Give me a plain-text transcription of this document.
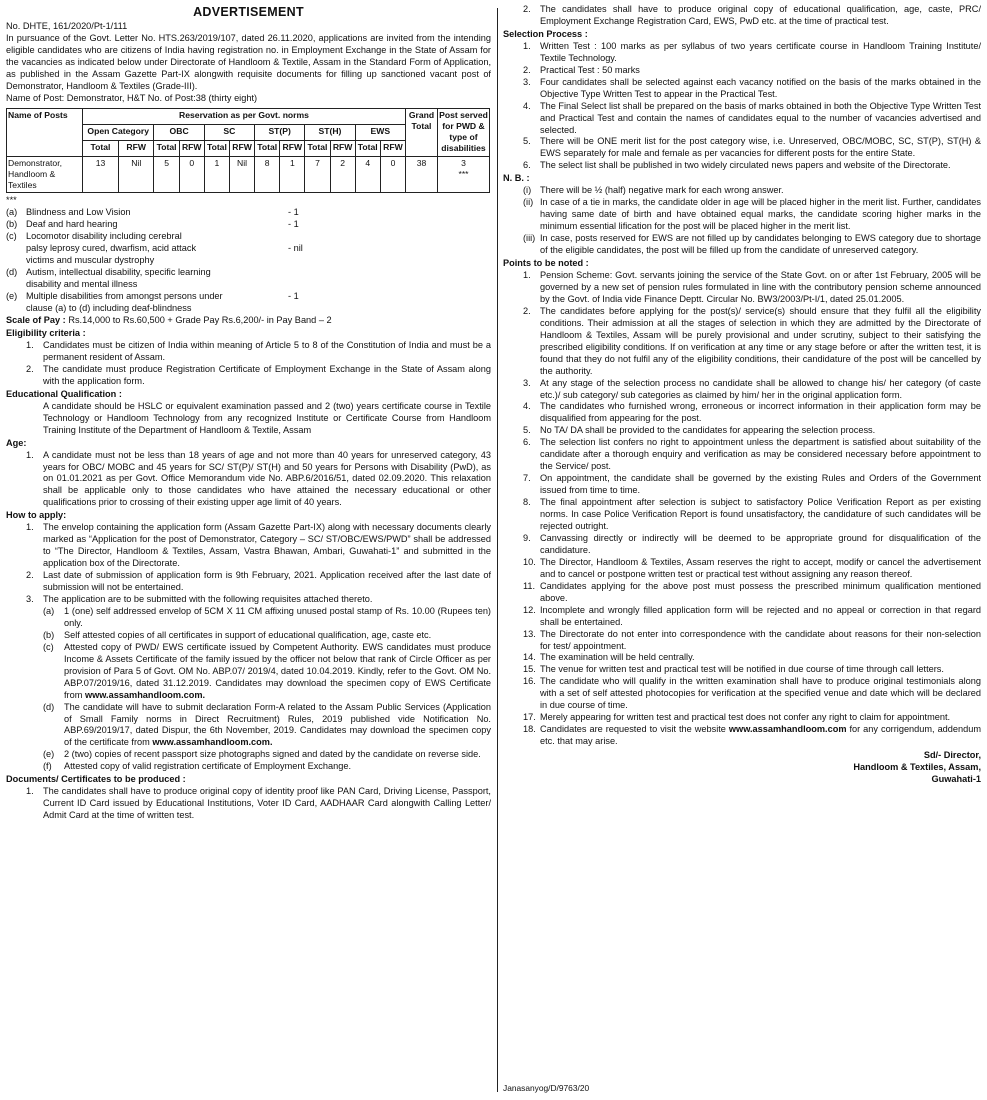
ADVERTISEMENT
No. DHTE, 161/2020/Pt-1/111

In pursuance of the Govt. Letter No. HTS.263/2019/107, dated 26.11.2020, applications are invited from the intending eligible candidates who are citizens of India having registration no. in Employment Exchange in the State of Assam for the vacancies as indicated below under Directorate of Handloom & Textile, Assam in the Standard Form of Application, as published in the Assam Gazette Part-IX alongwith requisite documents for filling up sanctioned vacant post of Demonstrator, Handloom & Textiles (Grade-III).

Name of Post: Demonstrator, H&T No. of Post:38 (thirty eight)
Name of Posts	Reservation as per Govt. norms												Grand Total	Post served for PWD & type of disabilities
	Open Category		OBC		SC		ST(P)		ST(H)		EWS			
	Total	RFW	Total	RFW	Total	RFW	Total	RFW	Total	RFW	Total	RFW		
Demonstrator, Handloom & Textiles	13	Nil	5	0	1	Nil	8	1	7	2	4	0	38	3
***
***
(a) Blindness and Low Vision	- 1
(b) Deaf and hard hearing	- 1
(c) Locomotor disability including cerebral
palsy leprosy cured, dwarfism, acid attack	- nil
victims and muscular dystrophy
(d) Autism, intellectual disability, specific learning
disability and mental illness
(e) Multiple disabilities from amongst persons under	- 1
clause (a) to (d) including deaf-blindness
Scale of Pay : Rs.14,000 to Rs.60,500 + Grade Pay Rs.6,200/- in Pay Band – 2
Eligibility criteria :
1. Candidates must be citizen of India within meaning of Article 5 to 8 of the Constitution of India and must be a permanent resident of Assam.
2. The candidate must produce Registration Certificate of Employment Exchange in the State of Assam along with the application form.
Educational Qualification :

A candidate should be HSLC or equivalent examination passed and 2 (two) years certificate course in Textile Technology or Handloom Technology from any recognized Institute or Certificate Course from Handloom Training Institute of the Department of Handloom & Textile, Assam

Age:
1. A candidate must not be less than 18 years of age and not more than 40 years for unreserved category, 43 years for OBC/ MOBC and 45 years for SC/ ST(P)/ ST(H) and 50 years for Persons with Disability (PwD), as on 01.01.2021 as per Govt. Office Memorandum vide No. ABP.6/2016/51, dated 02.09.2020. This relaxation shall be applicable only to those candidates who have attained the necessary educational or other qualifications prior to crossing of their existing upper age limit of 40 years.
How to apply:
1. The envelop containing the application form (Assam Gazette Part-IX) along with necessary documents clearly marked as “Application for the post of Demonstrator, Category – SC/ ST/OBC/EWS/PWD” shall be addressed to “The Director, Handloom & Textiles, Assam, Vastra Bhawan, Ambari, Guwahati-1” and submitted in the application box of the Directorate.
2. Last date of submission of application form is 9th February, 2021. Application received after the last date of submission will not be entertained.
3. The application are to be submitted with the following requisites attached thereto.
(a) 1 (one) self addressed envelop of 5CM X 11 CM affixing unused postal stamp of Rs. 10.00 (Rupees ten) only.
(b) Self attested copies of all certificates in support of educational qualification, age, caste etc.
(c) Attested copy of PWD/ EWS certificate issued by Competent Authority. EWS candidates must produce Income & Assets Certificate of the family issued by the officer not below that rank of Circle Officer as per provision of Para 5 of Govt. OM No. ABP.07/ 2019/4, dated 10.04.2019. Kindly, refer to the Govt. OM No. ABP.07/2019/16, dated 31.12.2019. Candidates may download the specimen copy of EWS Certificate from www.assamhandloom.com.
(d) The candidate will have to submit declaration Form-A related to the Assam Public Services (Application of Small Family norms in Direct Recruitment) Rules, 2019 published vide Notification No. ABP.69/2019/17, dated Dispur, the 6th November, 2019. Candidates may download the specimen copy of the certificate from www.assamhandloom.com.
(e) 2 (two) copies of recent passport size photographs signed and dated by the candidate on reverse side.
(f) Attested copy of valid registration certificate of Employment Exchange.
Documents/ Certificates to be produced :
1. The candidates shall have to produce original copy of identity proof like PAN Card, Driving License, Passport, Current ID Card issued by Educational Institutions, Voter ID Card, AADHAAR Card alongwith Calling Letter/ Admit Card at the time of written test.
2. The candidates shall have to produce original copy of educational qualification, age, caste, PRC/ Employment Exchange Registration Card, EWS, PwD etc. at the time of practical test.
Selection Process :
1. Written Test : 100 marks as per syllabus of two years certificate course in Handloom Training Institute/ Textile Technology.
2. Practical Test : 50 marks
3. Four candidates shall be selected against each vacancy notified on the basis of the marks obtained in the Objective Type Written Test to appear in the Practical Test.
4. The Final Select list shall be prepared on the basis of marks obtained in both the Objective Type Written Test and Practical Test and contain the names of candidates equal to the number of vacancies advertised and selected.
5. There will be ONE merit list for the post category wise, i.e. Unreserved, OBC/MOBC, SC, ST(P), ST(H) & EWS separately for male and female as per vacancies for different posts for the entire State.
6. The select list shall be published in two widely circulated news papers and website of the Directorate.
N. B. :
(i) There will be ½ (half) negative mark for each wrong answer.
(ii) In case of a tie in marks, the candidate older in age will be placed higher in the merit list. Further, candidates having same date of birth and have obtained equal marks, the candidate scoring higher marks in the minimum essential lification for the post will be placed higher in the merit list.
(iii) In case, posts reserved for EWS are not filled up by candidates belonging to EWS category due to shortage of the eligible candidates, the post will be filled up from the candidate of unreserved category.
Points to be noted :
1. Pension Scheme: Govt. servants joining the service of the State Govt. on or after 1st February, 2005 will be governed by a new set of pension rules formulated in line with the contributory pension scheme announced by the Govt. of India vide Finance Deptt. Circular No. BW3/2003/Pt-I/1, dated 25.01.2005.
2. The candidates before applying for the post(s)/ service(s) should ensure that they fulfil all the eligibility conditions. Their admission at all the stages of selection in which they are admitted by the Directorate of Handloom & Textiles, Assam will be purely provisional and under scrutiny, subject to their satisfying the prescribed eligibility conditions. If on verification at any time or any stage before or after the written test, it is found that they do not fulfil any of the eligibility conditions, their candidature of the post will be cancelled by the authority.
3. At any stage of the selection process no candidate shall be allowed to change his/ her category (of caste etc.)/ sub category/ sub categories as claimed by him/ her in the original application form.
4. The candidates who furnished wrong, erroneous or incorrect information in their application form may be disqualified from appearing for the post.
5. No TA/ DA shall be provided to the candidates for appearing the selection process.
6. The selection list confers no right to appointment unless the department is satisfied about suitability of the candidate after a thorough enquiry and verification as may be considered necessary before appointment to the Service/ post.
7. On appointment, the candidate shall be governed by the existing Rules and Orders of the Government issued from time to time.
8. The final appointment after selection is subject to satisfactory Police Verification Report as per existing norms. In case Police Verification Report is found unsatisfactory, the candidature of such candidates will be rejected outright.
9. Canvassing directly or indirectly will be deemed to be appropriate ground for disqualification of the candidature.
10. The Director, Handloom & Textiles, Assam reserves the right to accept, modify or cancel the advertisement and to cancel or postpone written test or practical test without assigning any reason thereof.
11. Candidates applying for the above post must possess the prescribed minimum qualification mentioned above.
12. Incomplete and wrongly filled application form will be rejected and no appeal or correction in that regard shall be entertained.
13. The Directorate do not enter into correspondence with the candidate about reasons for their non-selection for test/ appointment.
14. The examination will be held centrally.
15. The venue for written test and practical test will be notified in due course of time through call letters.
16. The candidate who will qualify in the written examination shall have to produce original testimonials along with a set of self attested photocopies for verification at the specified venue and date which will be declared in due course of time.
17. Merely appearing for written test and practical test does not confer any right to claim for appointment.
18. Candidates are requested to visit the website www.assamhandloom.com for any corrigendum, addendum etc. that may arise.
Sd/- Director,
Handloom & Textiles, Assam,
Guwahati-1
Janasanyog/D/9763/20
